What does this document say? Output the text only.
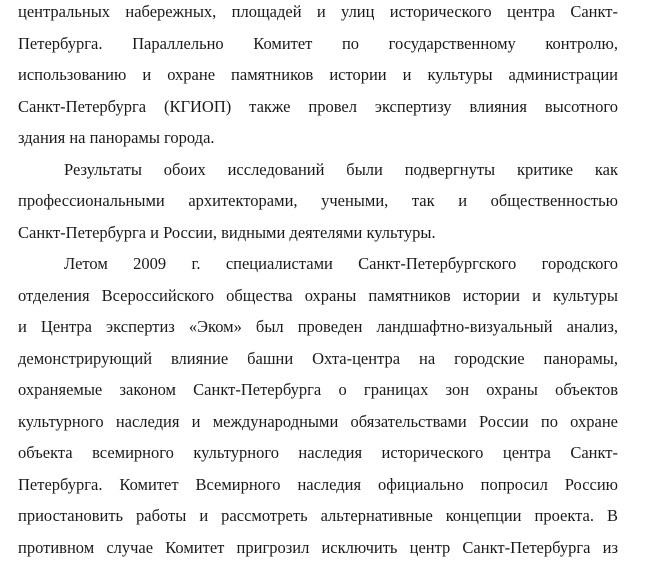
центральных набережных, площадей и улиц исторического центра Санкт-
Петербурга. Параллельно Комитет по государственному контролю,
использованию и охране памятников истории и культуры администрации
Санкт-Петербурга (КГИОП) также провел экспертизу влияния высотного
здания на панорамы города.
Результаты обоих исследований были подвергнуты критике как
профессиональными архитекторами, учеными, так и общественностью
Санкт-Петербурга и России, видными деятелями культуры.
Летом 2009 г. специалистами Санкт-Петербургского городского
отделения Всероссийского общества охраны памятников истории и культуры
и Центра экспертиз «Эком» был проведен ландшафтно-визуальный анализ,
демонстрирующий влияние башни Охта-центра на городские панорамы,
охраняемые законом Санкт-Петербурга о границах зон охраны объектов
культурного наследия и международными обязательствами России по охране
объекта всемирного культурного наследия исторического центра Санкт-
Петербурга. Комитет Всемирного наследия официально попросил Россию
приостановить работы и рассмотреть альтернативные концепции проекта. В
противном случае Комитет пригрозил исключить центр Санкт-Петербурга из
